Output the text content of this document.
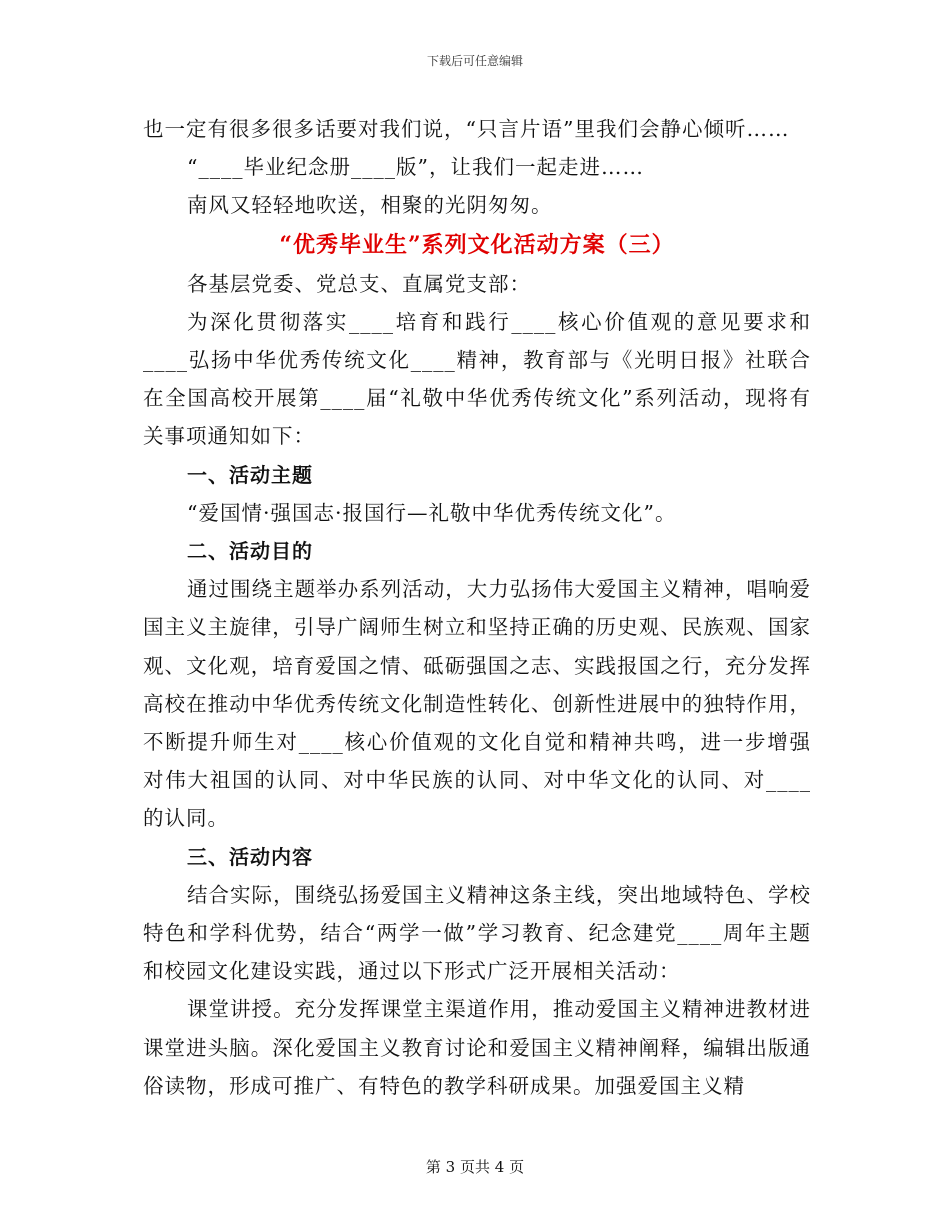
下载后可任意编辑

也一定有很多很多话要对我们说，“只言片语”里我们会静心倾听……

“____毕业纪念册____版”，让我们一起走进……

南风又轻轻地吹送，相聚的光阴匆匆。

“优秀毕业生”系列文化活动方案（三）

各基层党委、党总支、直属党支部：

为深化贯彻落实____培育和践行____核心价值观的意见要求和____弘扬中华优秀传统文化____精神，教育部与《光明日报》社联合在全国高校开展第____届“礼敬中华优秀传统文化”系列活动，现将有关事项通知如下：

一、活动主题

“爱国情·强国志·报国行—礼敬中华优秀传统文化”。

二、活动目的

通过围绕主题举办系列活动，大力弘扬伟大爱国主义精神，唱响爱国主义主旋律，引导广阔师生树立和坚持正确的历史观、民族观、国家观、文化观，培育爱国之情、砥砺强国之志、实践报国之行，充分发挥高校在推动中华优秀传统文化制造性转化、创新性进展中的独特作用，不断提升师生对____核心价值观的文化自觉和精神共鸣，进一步增强对伟大祖国的认同、对中华民族的认同、对中华文化的认同、对____的认同。

三、活动内容

结合实际，围绕弘扬爱国主义精神这条主线，突出地域特色、学校特色和学科优势，结合“两学一做”学习教育、纪念建党____周年主题和校园文化建设实践，通过以下形式广泛开展相关活动：

课堂讲授。充分发挥课堂主渠道作用，推动爱国主义精神进教材进课堂进头脑。深化爱国主义教育讨论和爱国主义精神阐释，编辑出版通俗读物，形成可推广、有特色的教学科研成果。加强爱国主义精

第 3 页共 4 页
